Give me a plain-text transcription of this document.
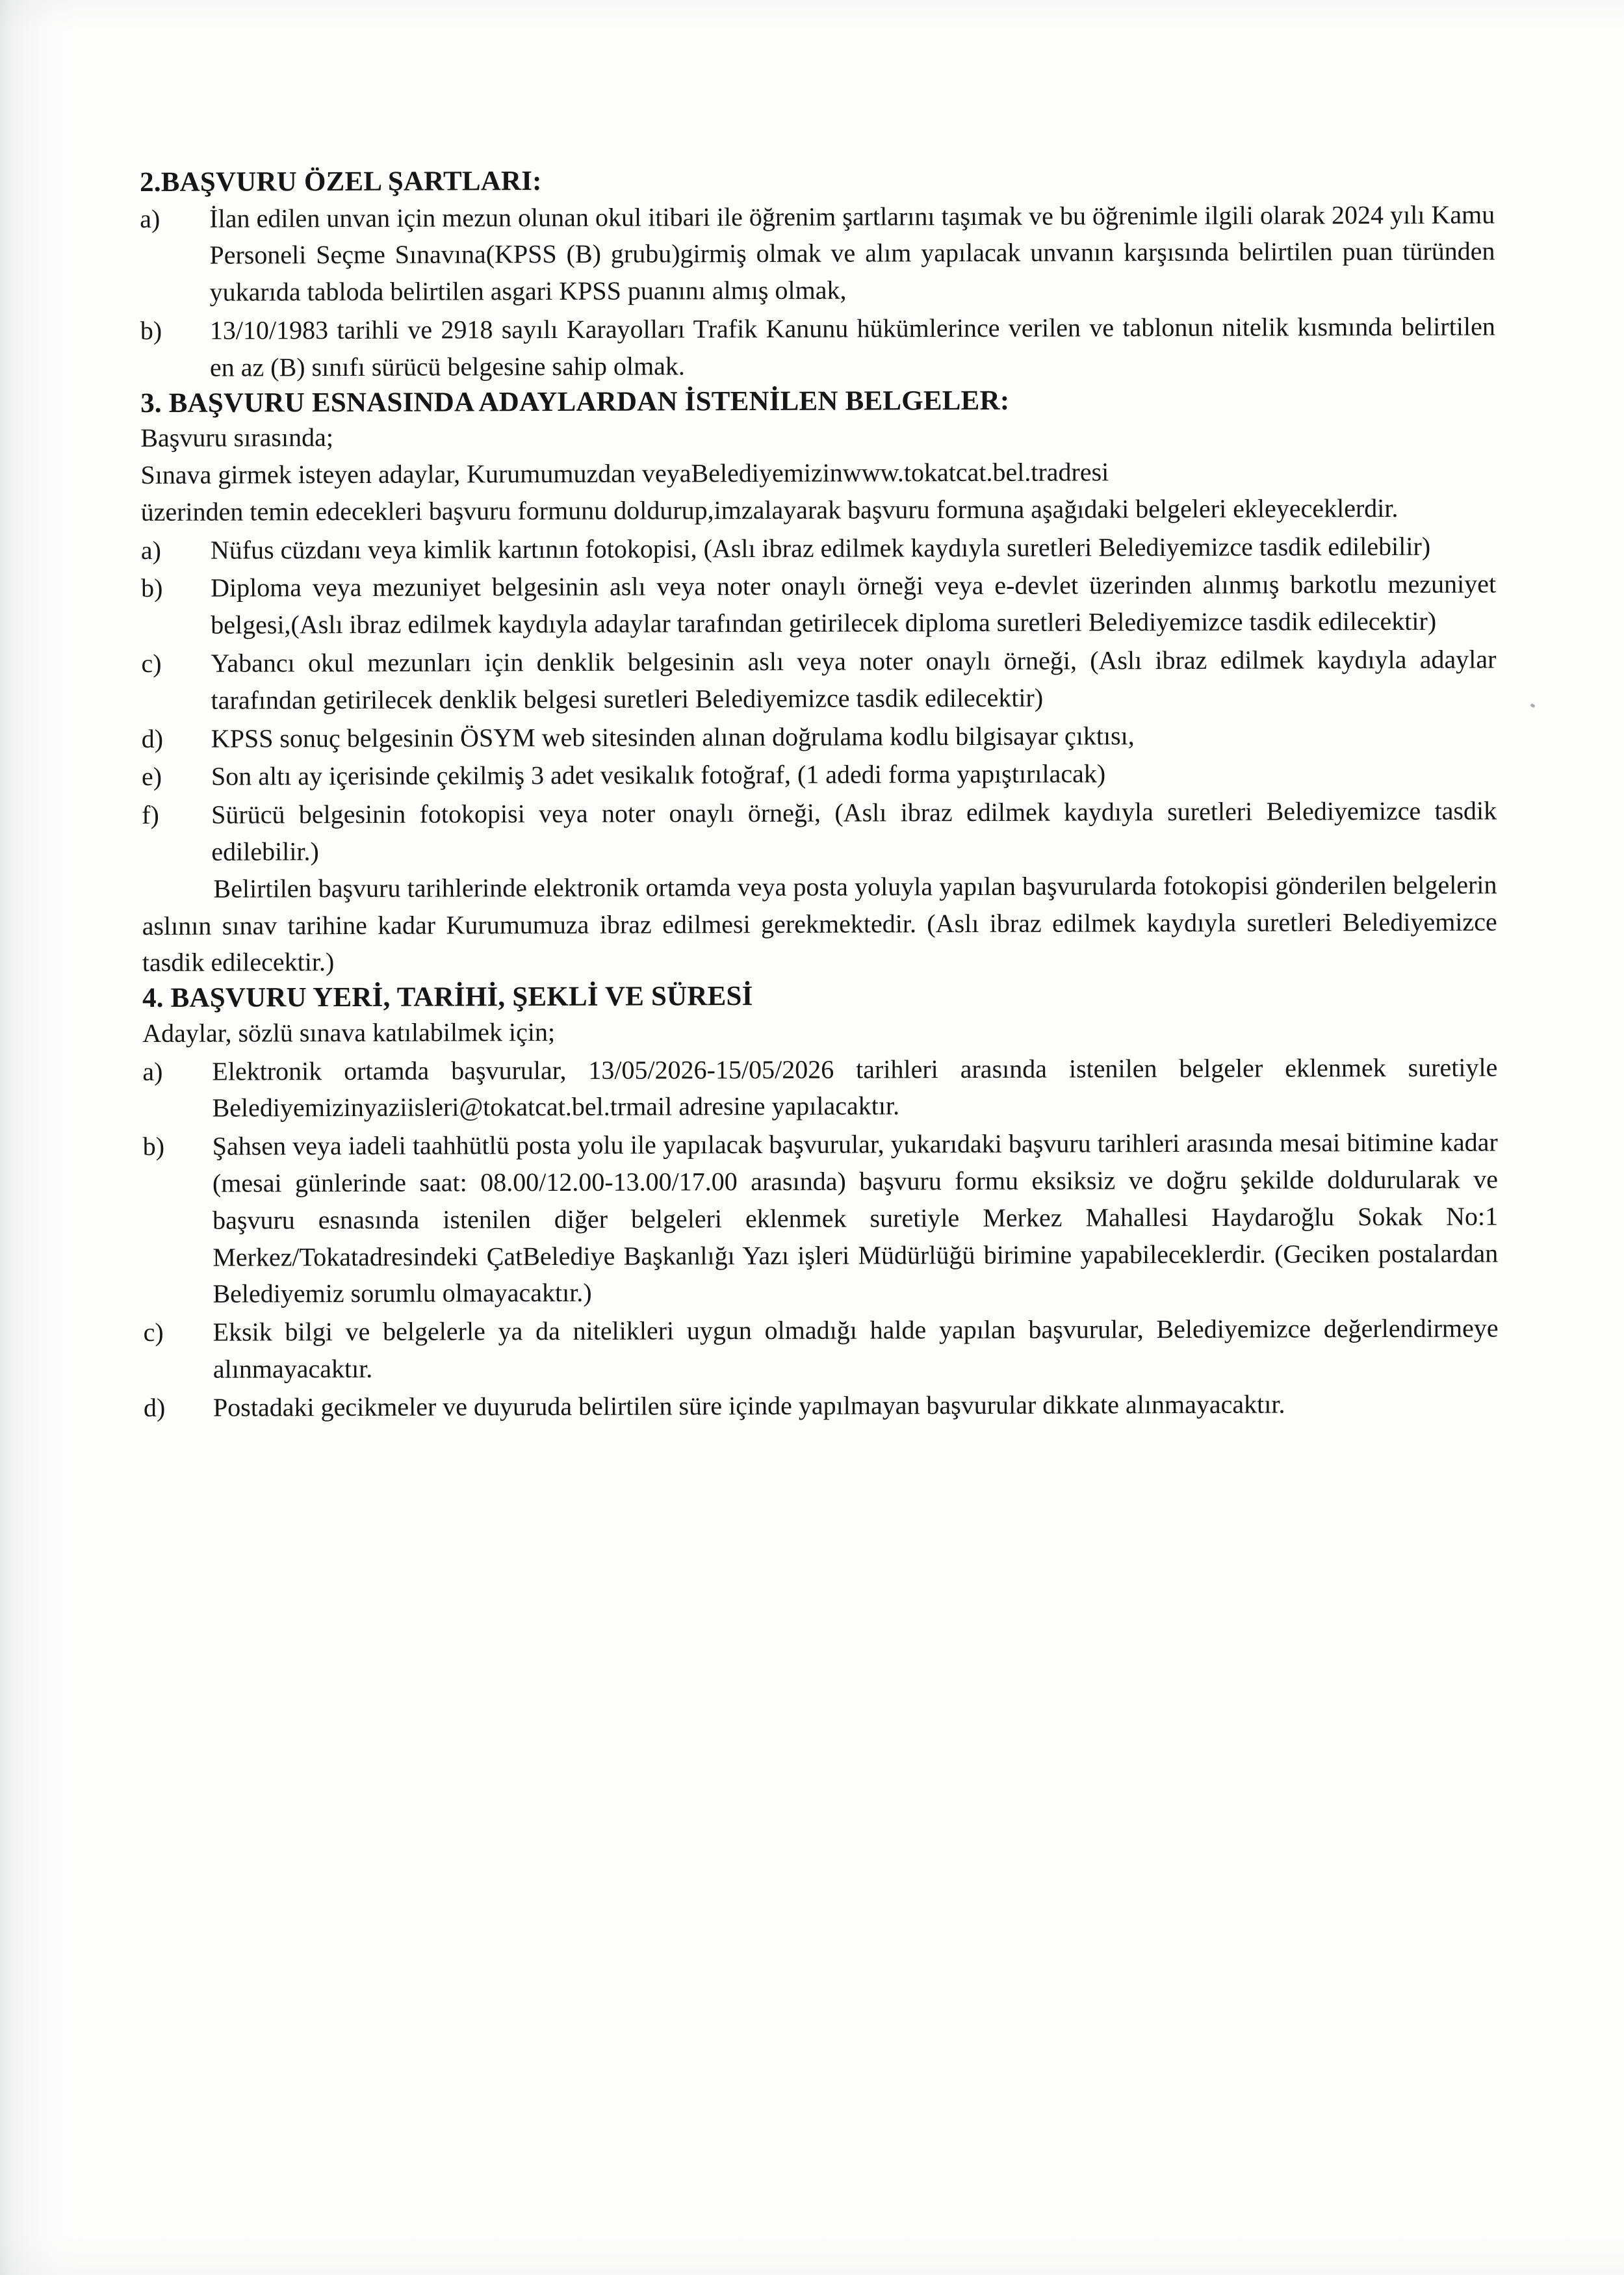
2.BAŞVURU ÖZEL ŞARTLARI:
a)	İlan edilen unvan için mezun olunan okul itibari ile öğrenim şartlarını taşımak ve bu öğrenimle ilgili olarak 2024 yılı Kamu Personeli Seçme Sınavına(KPSS (B) grubu)girmiş olmak ve alım yapılacak unvanın karşısında belirtilen puan türünden yukarıda tabloda belirtilen asgari KPSS puanını almış olmak,
b)	13/10/1983 tarihli ve 2918 sayılı Karayolları Trafik Kanunu hükümlerince verilen ve tablonun nitelik kısmında belirtilen en az (B) sınıfı sürücü belgesine sahip olmak.
3. BAŞVURU ESNASINDA ADAYLARDAN İSTENİLEN BELGELER:

Başvuru sırasında;

Sınava girmek isteyen adaylar, Kurumumuzdan veyaBelediyemizinwww.tokatcat.bel.tradresi

üzerinden temin edecekleri başvuru formunu doldurup,imzalayarak başvuru formuna aşağıdaki belgeleri ekleyeceklerdir.

a)	Nüfus cüzdanı veya kimlik kartının fotokopisi, (Aslı ibraz edilmek kaydıyla suretleri Belediyemizce tasdik edilebilir)
b)	Diploma veya mezuniyet belgesinin aslı veya noter onaylı örneği veya e-devlet üzerinden alınmış barkotlu mezuniyet belgesi,(Aslı ibraz edilmek kaydıyla adaylar tarafından getirilecek diploma suretleri Belediyemizce tasdik edilecektir)
c)	Yabancı okul mezunları için denklik belgesinin aslı veya noter onaylı örneği, (Aslı ibraz edilmek kaydıyla adaylar tarafından getirilecek denklik belgesi suretleri Belediyemizce tasdik edilecektir)
d)	KPSS sonuç belgesinin ÖSYM web sitesinden alınan doğrulama kodlu bilgisayar çıktısı,
e)	Son altı ay içerisinde çekilmiş 3 adet vesikalık fotoğraf, (1 adedi forma yapıştırılacak)
f)	Sürücü belgesinin fotokopisi veya noter onaylı örneği, (Aslı ibraz edilmek kaydıyla suretleri Belediyemizce tasdik edilebilir.)

Belirtilen başvuru tarihlerinde elektronik ortamda veya posta yoluyla yapılan başvurularda fotokopisi gönderilen belgelerin aslının sınav tarihine kadar Kurumumuza ibraz edilmesi gerekmektedir. (Aslı ibraz edilmek kaydıyla suretleri Belediyemizce tasdik edilecektir.)

4. BAŞVURU YERİ, TARİHİ, ŞEKLİ VE SÜRESİ

Adaylar, sözlü sınava katılabilmek için;

a)	Elektronik ortamda başvurular, 13/05/2026-15/05/2026 tarihleri arasında istenilen belgeler eklenmek suretiyle Belediyemizinyaziisleri@tokatcat.bel.trmail adresine yapılacaktır.
b)	Şahsen veya iadeli taahhütlü posta yolu ile yapılacak başvurular, yukarıdaki başvuru tarihleri arasında mesai bitimine kadar (mesai günlerinde saat: 08.00/12.00-13.00/17.00 arasında) başvuru formu eksiksiz ve doğru şekilde doldurularak ve başvuru esnasında istenilen diğer belgeleri eklenmek suretiyle Merkez Mahallesi Haydaroğlu Sokak No:1 Merkez/Tokatadresindeki ÇatBelediye Başkanlığı Yazı işleri Müdürlüğü birimine yapabileceklerdir. (Geciken postalardan Belediyemiz sorumlu olmayacaktır.)
c)	Eksik bilgi ve belgelerle ya da nitelikleri uygun olmadığı halde yapılan başvurular, Belediyemizce değerlendirmeye alınmayacaktır.
d)	Postadaki gecikmeler ve duyuruda belirtilen süre içinde yapılmayan başvurular dikkate alınmayacaktır.
